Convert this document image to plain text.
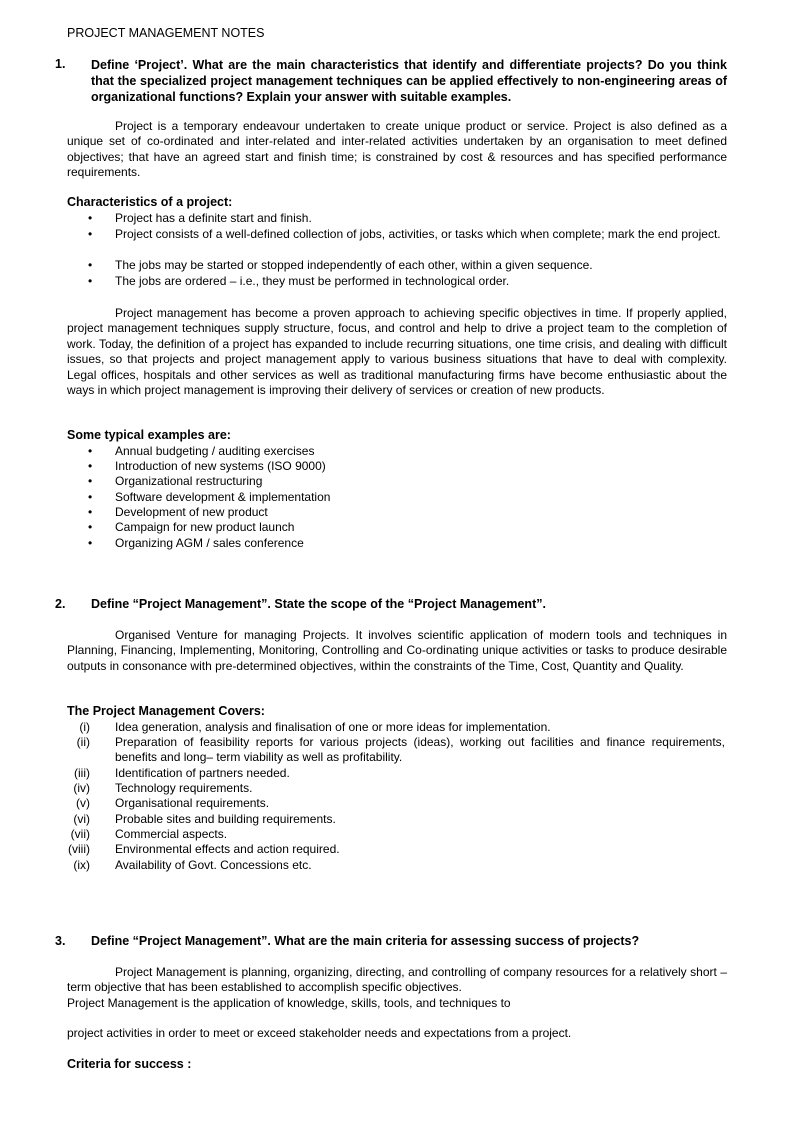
PROJECT MANAGEMENT NOTES
1. Define ‘Project’. What are the main characteristics that identify and differentiate projects? Do you think that the specialized project management techniques can be applied effectively to non-engineering areas of organizational functions? Explain your answer with suitable examples.
Project is a temporary endeavour undertaken to create unique product or service. Project is also defined as a unique set of co-ordinated and inter-related and inter-related activities undertaken by an organisation to meet defined objectives; that have an agreed start and finish time; is constrained by cost & resources and has specified performance requirements.
Characteristics of a project:
• Project has a definite start and finish.
• Project consists of a well-defined collection of jobs, activities, or tasks which when complete; mark the end project.
• The jobs may be started or stopped independently of each other, within a given sequence.
• The jobs are ordered – i.e., they must be performed in technological order.
Project management has become a proven approach to achieving specific objectives in time. If properly applied, project management techniques supply structure, focus, and control and help to drive a project team to the completion of work. Today, the definition of a project has expanded to include recurring situations, one time crisis, and dealing with difficult issues, so that projects and project management apply to various business situations that have to deal with complexity. Legal offices, hospitals and other services as well as traditional manufacturing firms have become enthusiastic about the ways in which project management is improving their delivery of services or creation of new products.
Some typical examples are:
• Annual budgeting / auditing exercises
• Introduction of new systems (ISO 9000)
• Organizational restructuring
• Software development & implementation
• Development of new product
• Campaign for new product launch
• Organizing AGM / sales conference
2. Define “Project Management”. State the scope of the “Project Management”.
Organised Venture for managing Projects. It involves scientific application of modern tools and techniques in Planning, Financing, Implementing, Monitoring, Controlling and Co-ordinating unique activities or tasks to produce desirable outputs in consonance with pre-determined objectives, within the constraints of the Time, Cost, Quantity and Quality.
The Project Management Covers:
(i) Idea generation, analysis and finalisation of one or more ideas for implementation.
(ii) Preparation of feasibility reports for various projects (ideas), working out facilities and finance requirements, benefits and long– term viability as well as profitability.
(iii) Identification of partners needed.
(iv) Technology requirements.
(v) Organisational requirements.
(vi) Probable sites and building requirements.
(vii) Commercial aspects.
(viii) Environmental effects and action required.
(ix) Availability of Govt. Concessions etc.
3. Define “Project Management”. What are the main criteria for assessing success of projects?
Project Management is planning, organizing, directing, and controlling of company resources for a relatively short – term objective that has been established to accomplish specific objectives.
Project Management is the application of knowledge, skills, tools, and techniques to
project activities in order to meet or exceed stakeholder needs and expectations from a project.
Criteria for success :
